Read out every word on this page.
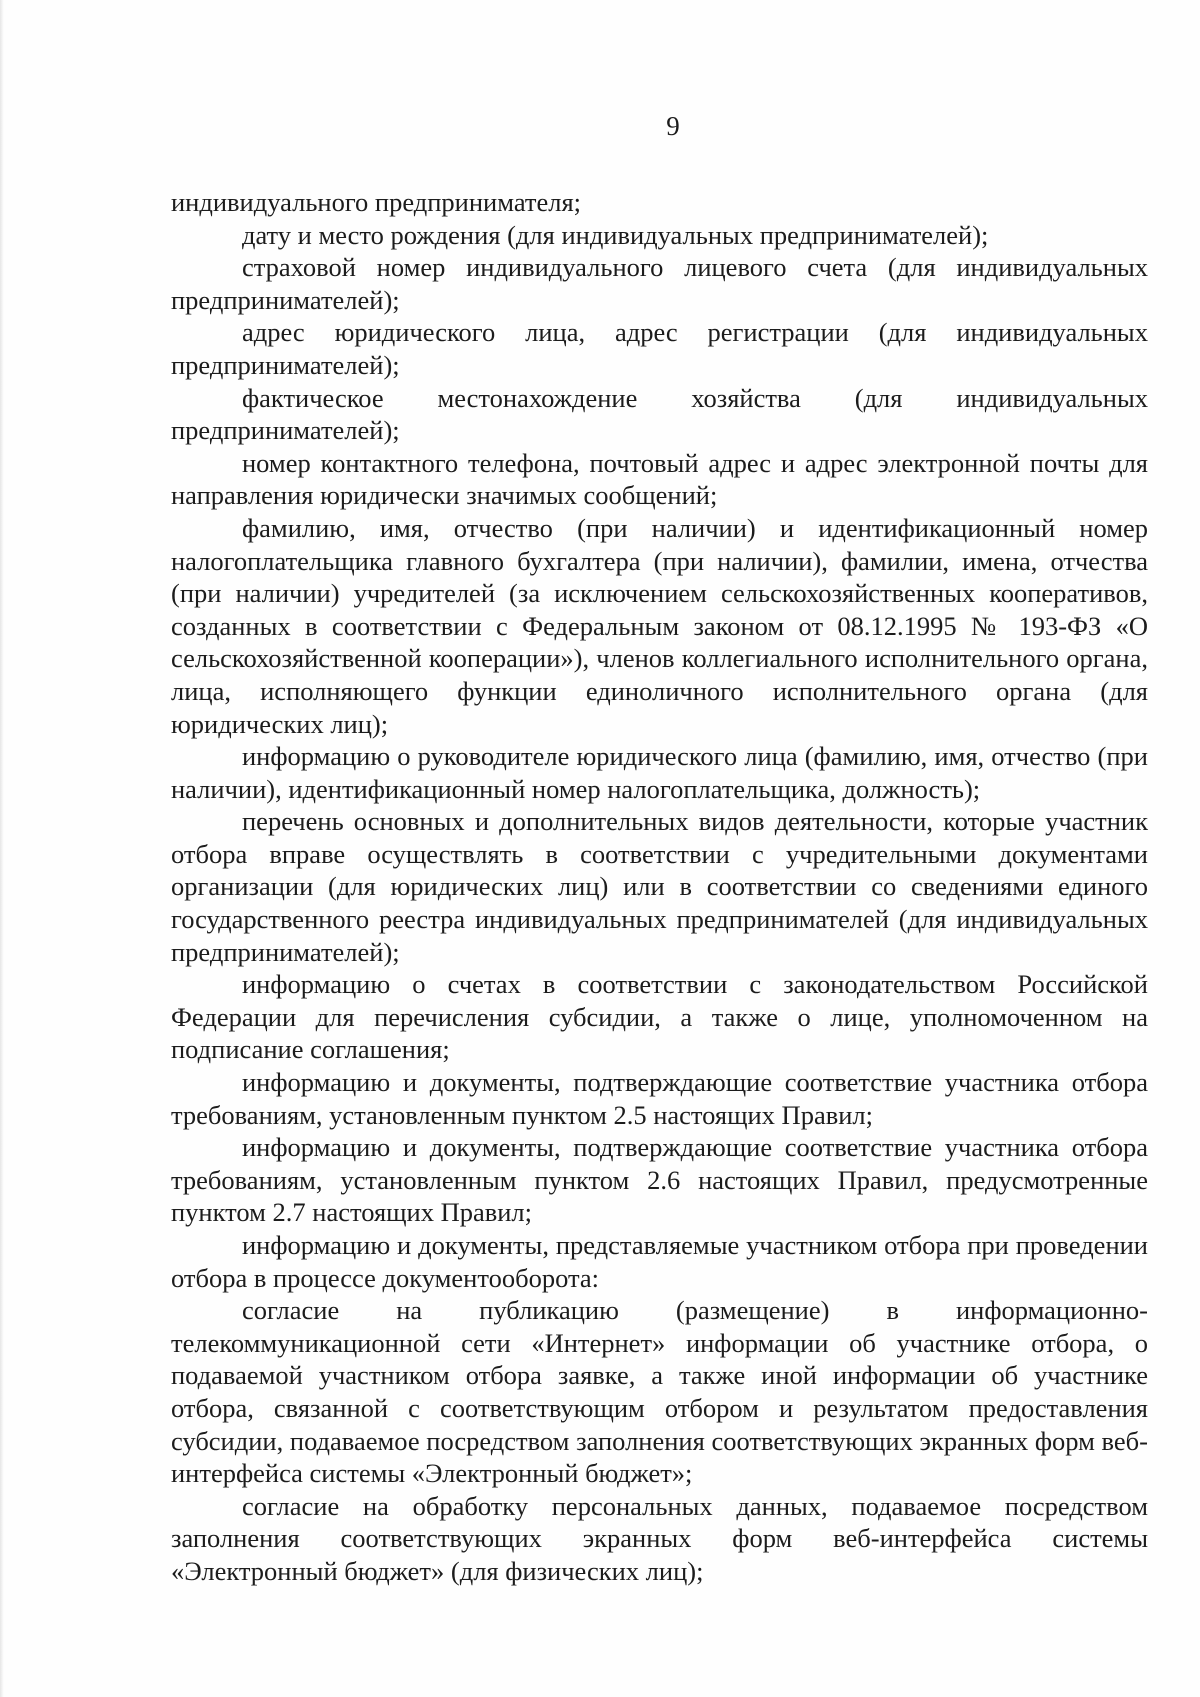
9

индивидуального предпринимателя;

дату и место рождения (для индивидуальных предпринимателей);

страховой номер индивидуального лицевого счета (для индивидуальных предпринимателей);

адрес юридического лица, адрес регистрации (для индивидуальных предпринимателей);

фактическое местонахождение хозяйства (для индивидуальных предпринимателей);

номер контактного телефона, почтовый адрес и адрес электронной почты для направления юридически значимых сообщений;

фамилию, имя, отчество (при наличии) и идентификационный номер налогоплательщика главного бухгалтера (при наличии), фамилии, имена, отчества (при наличии) учредителей (за исключением сельскохозяйственных кооперативов, созданных в соответствии с Федеральным законом от 08.12.1995 № 193-ФЗ «О сельскохозяйственной кооперации»), членов коллегиального исполнительного органа, лица, исполняющего функции единоличного исполнительного органа (для юридических лиц);

информацию о руководителе юридического лица (фамилию, имя, отчество (при наличии), идентификационный номер налогоплательщика, должность);

перечень основных и дополнительных видов деятельности, которые участник отбора вправе осуществлять в соответствии с учредительными документами организации (для юридических лиц) или в соответствии со сведениями единого государственного реестра индивидуальных предпринимателей (для индивидуальных предпринимателей);

информацию о счетах в соответствии с законодательством Российской Федерации для перечисления субсидии, а также о лице, уполномоченном на подписание соглашения;

информацию и документы, подтверждающие соответствие участника отбора требованиям, установленным пунктом 2.5 настоящих Правил;

информацию и документы, подтверждающие соответствие участника отбора требованиям, установленным пунктом 2.6 настоящих Правил, предусмотренные пунктом 2.7 настоящих Правил;

информацию и документы, представляемые участником отбора при проведении отбора в процессе документооборота:

согласие на публикацию (размещение) в информационно-телекоммуникационной сети «Интернет» информации об участнике отбора, о подаваемой участником отбора заявке, а также иной информации об участнике отбора, связанной с соответствующим отбором и результатом предоставления субсидии, подаваемое посредством заполнения соответствующих экранных форм веб-интерфейса системы «Электронный бюджет»;

согласие на обработку персональных данных, подаваемое посредством заполнения соответствующих экранных форм веб-интерфейса системы «Электронный бюджет» (для физических лиц);
